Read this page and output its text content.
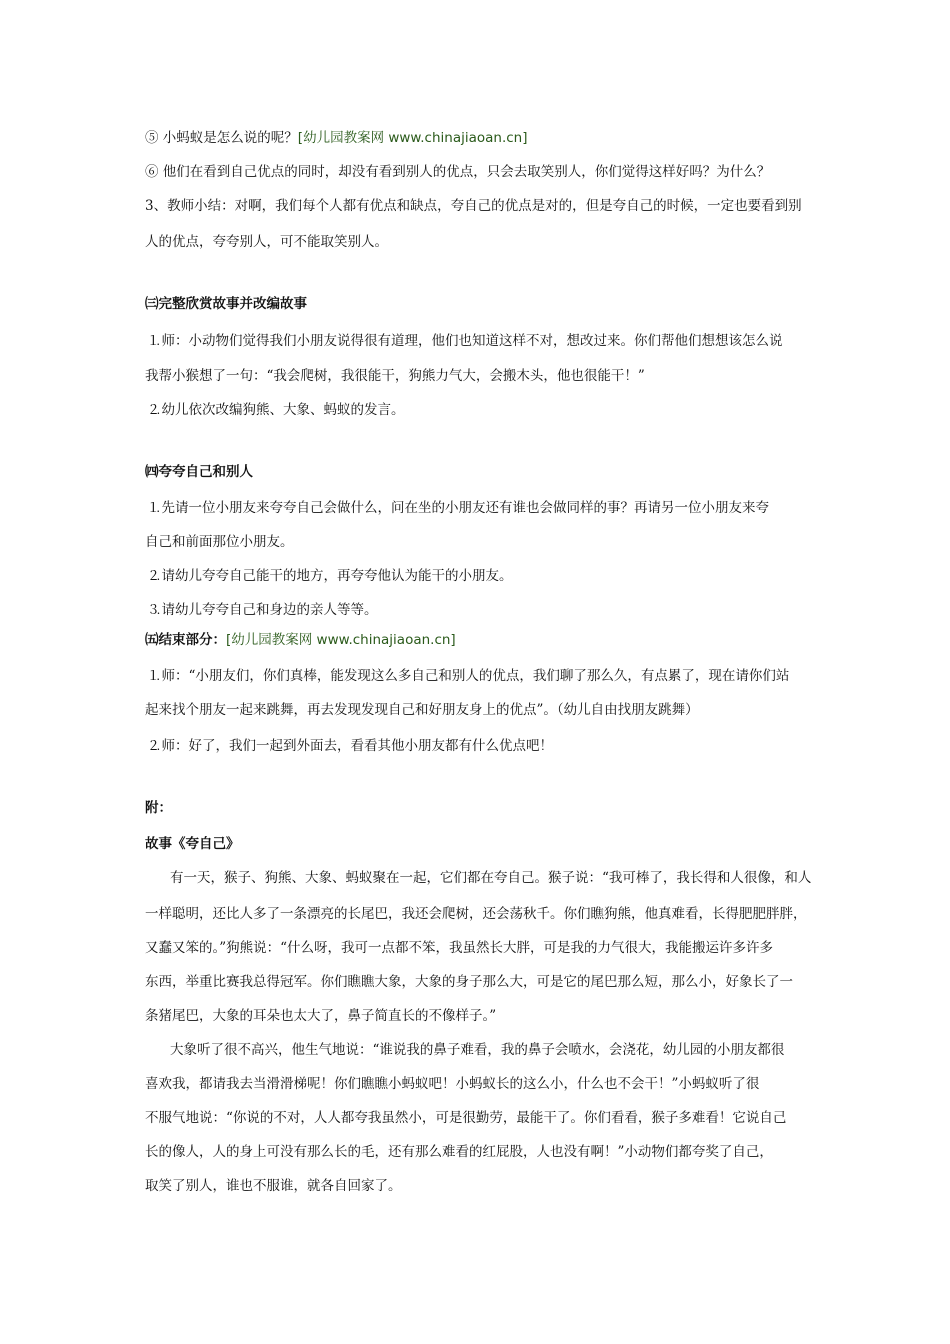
⑤ 小蚂蚁是怎么说的呢？[幼儿园教案网 www.chinajiaoan.cn]
⑥ 他们在看到自己优点的同时，却没有看到别人的优点，只会去取笑别人，你们觉得这样好吗？为什么？
3、教师小结：对啊，我们每个人都有优点和缺点，夸自己的优点是对的，但是夸自己的时候，一定也要看到别
人的优点，夸夸别人，可不能取笑别人。
㈢完整欣赏故事并改编故事
⒈师：小动物们觉得我们小朋友说得很有道理，他们也知道这样不对，想改过来。你们帮他们想想该怎么说
我帮小猴想了一句：“我会爬树，我很能干，狗熊力气大，会搬木头，他也很能干！”
⒉幼儿依次改编狗熊、大象、蚂蚁的发言。
㈣夸夸自己和别人
⒈先请一位小朋友来夸夸自己会做什么，问在坐的小朋友还有谁也会做同样的事？再请另一位小朋友来夸
自己和前面那位小朋友。
⒉请幼儿夸夸自己能干的地方，再夸夸他认为能干的小朋友。
⒊请幼儿夸夸自己和身边的亲人等等。
㈤结束部分：[幼儿园教案网 www.chinajiaoan.cn]
⒈师：“小朋友们，你们真棒，能发现这么多自己和别人的优点，我们聊了那么久，有点累了，现在请你们站
起来找个朋友一起来跳舞，再去发现发现自己和好朋友身上的优点”。（幼儿自由找朋友跳舞）
⒉师：好了，我们一起到外面去，看看其他小朋友都有什么优点吧！
附：
故事《夸自己》
有一天，猴子、狗熊、大象、蚂蚁聚在一起，它们都在夸自己。猴子说：“我可棒了，我长得和人很像，和人
一样聪明，还比人多了一条漂亮的长尾巴，我还会爬树，还会荡秋千。你们瞧狗熊，他真难看，长得肥肥胖胖，
又蠢又笨的。”狗熊说：“什么呀，我可一点都不笨，我虽然长大胖，可是我的力气很大，我能搬运许多许多
东西，举重比赛我总得冠军。你们瞧瞧大象，大象的身子那么大，可是它的尾巴那么短，那么小，好象长了一
条猪尾巴，大象的耳朵也太大了，鼻子简直长的不像样子。”
大象听了很不高兴，他生气地说：“谁说我的鼻子难看，我的鼻子会喷水，会浇花，幼儿园的小朋友都很
喜欢我，都请我去当滑滑梯呢！你们瞧瞧小蚂蚁吧！小蚂蚁长的这么小，什么也不会干！”小蚂蚁听了很
不服气地说：“你说的不对，人人都夸我虽然小，可是很勤劳，最能干了。你们看看，猴子多难看！它说自己
长的像人，人的身上可没有那么长的毛，还有那么难看的红屁股，人也没有啊！”小动物们都夸奖了自己，
取笑了别人，谁也不服谁，就各自回家了。
